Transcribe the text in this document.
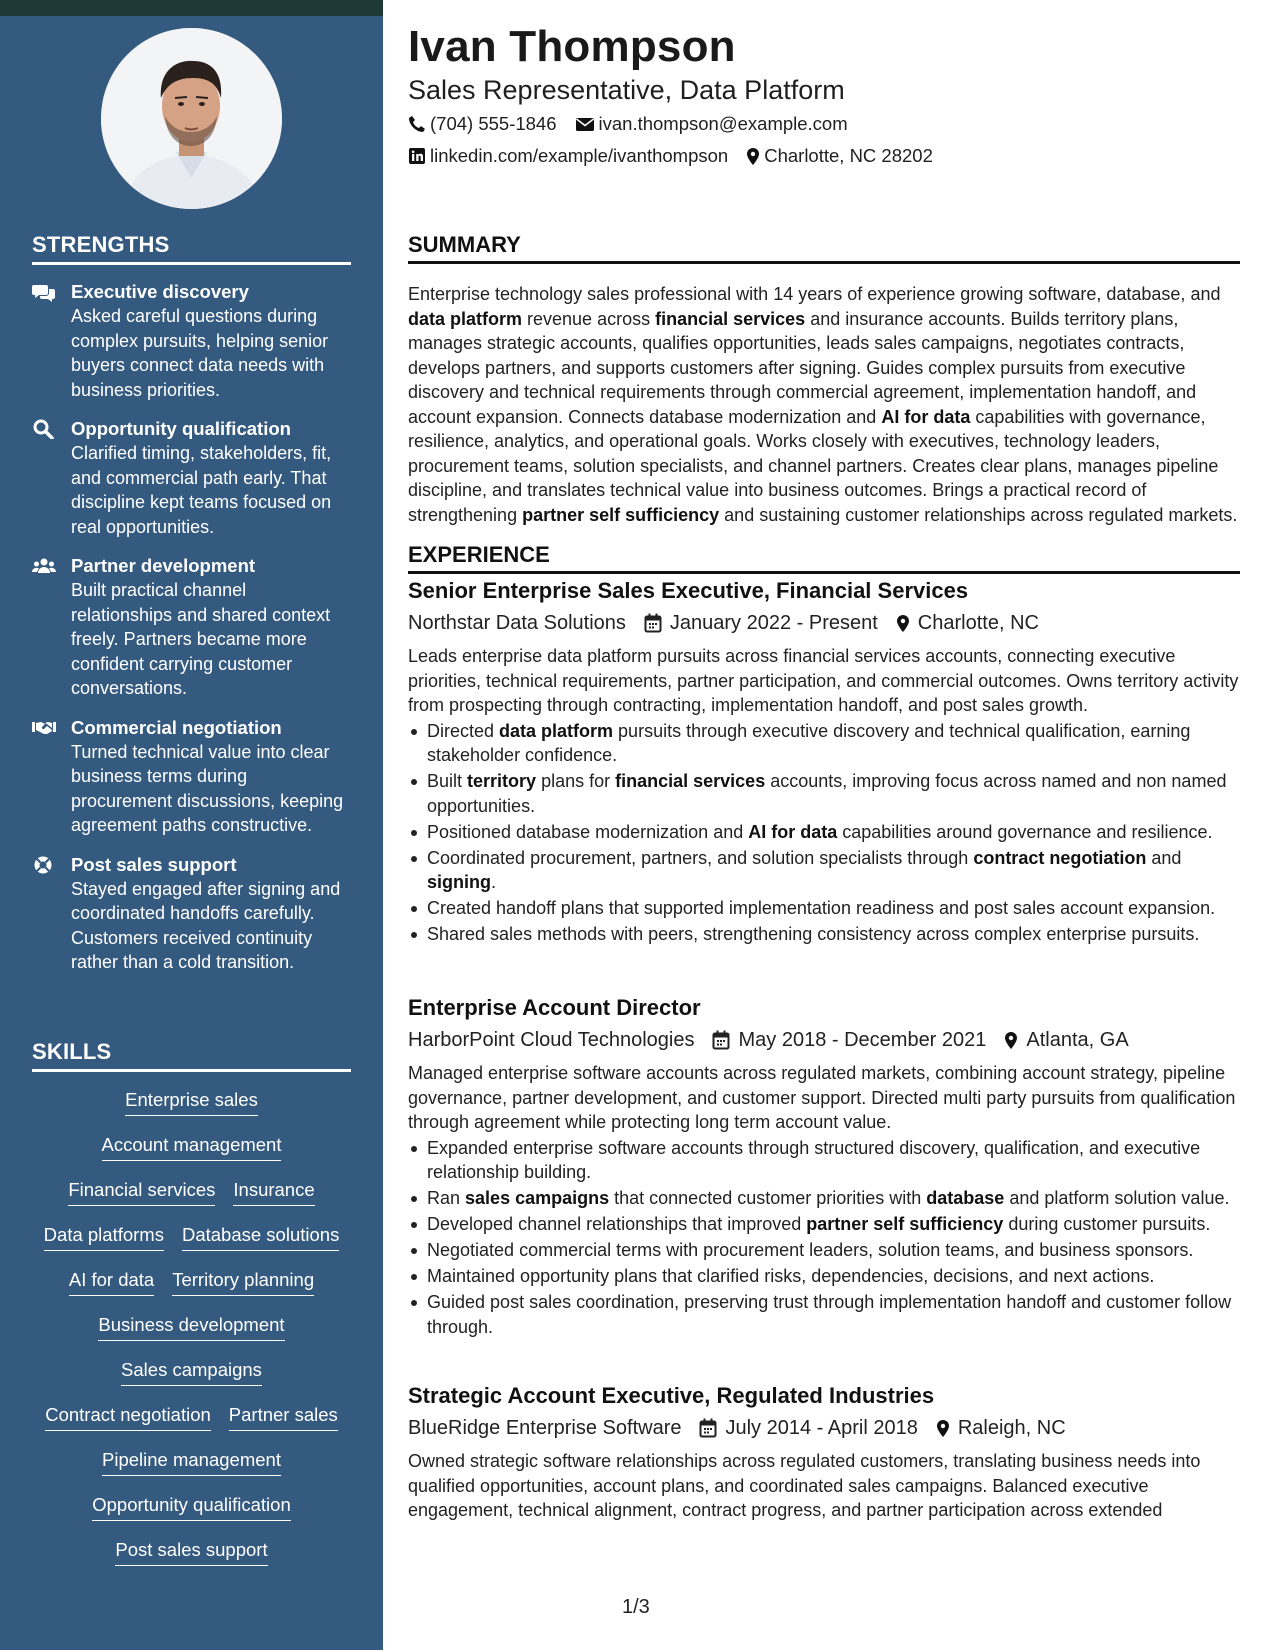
STRENGTHS
Executive discovery
Asked careful questions during complex pursuits, helping senior buyers connect data needs with business priorities.
Opportunity qualification
Clarified timing, stakeholders, fit, and commercial path early. That discipline kept teams focused on real opportunities.
Partner development
Built practical channel relationships and shared context freely. Partners became more confident carrying customer conversations.
Commercial negotiation
Turned technical value into clear business terms during procurement discussions, keeping agreement paths constructive.
Post sales support
Stayed engaged after signing and coordinated handoffs carefully. Customers received continuity rather than a cold transition.
SKILLS
Enterprise sales
Account management
Financial services Insurance
Data platforms Database solutions
AI for data Territory planning
Business development
Sales campaigns
Contract negotiation Partner sales
Pipeline management
Opportunity qualification
Post sales support
Ivan Thompson
Sales Representative, Data Platform
(704) 555-1846 ivan.thompson@example.com
linkedin.com/example/ivanthompson Charlotte, NC 28202
SUMMARY
Enterprise technology sales professional with 14 years of experience growing software, database, and data platform revenue across financial services and insurance accounts. Builds territory plans, manages strategic accounts, qualifies opportunities, leads sales campaigns, negotiates contracts, develops partners, and supports customers after signing. Guides complex pursuits from executive discovery and technical requirements through commercial agreement, implementation handoff, and account expansion. Connects database modernization and AI for data capabilities with governance, resilience, analytics, and operational goals. Works closely with executives, technology leaders, procurement teams, solution specialists, and channel partners. Creates clear plans, manages pipeline discipline, and translates technical value into business outcomes. Brings a practical record of strengthening partner self sufficiency and sustaining customer relationships across regulated markets.
EXPERIENCE
Senior Enterprise Sales Executive, Financial Services
Northstar Data Solutions January 2022 - Present Charlotte, NC
Leads enterprise data platform pursuits across financial services accounts, connecting executive priorities, technical requirements, partner participation, and commercial outcomes. Owns territory activity from prospecting through contracting, implementation handoff, and post sales growth.
Directed data platform pursuits through executive discovery and technical qualification, earning stakeholder confidence.
Built territory plans for financial services accounts, improving focus across named and non named opportunities.
Positioned database modernization and AI for data capabilities around governance and resilience.
Coordinated procurement, partners, and solution specialists through contract negotiation and signing.
Created handoff plans that supported implementation readiness and post sales account expansion.
Shared sales methods with peers, strengthening consistency across complex enterprise pursuits.
Enterprise Account Director
HarborPoint Cloud Technologies May 2018 - December 2021 Atlanta, GA
Managed enterprise software accounts across regulated markets, combining account strategy, pipeline governance, partner development, and customer support. Directed multi party pursuits from qualification through agreement while protecting long term account value.
Expanded enterprise software accounts through structured discovery, qualification, and executive relationship building.
Ran sales campaigns that connected customer priorities with database and platform solution value.
Developed channel relationships that improved partner self sufficiency during customer pursuits.
Negotiated commercial terms with procurement leaders, solution teams, and business sponsors.
Maintained opportunity plans that clarified risks, dependencies, decisions, and next actions.
Guided post sales coordination, preserving trust through implementation handoff and customer follow through.
Strategic Account Executive, Regulated Industries
BlueRidge Enterprise Software July 2014 - April 2018 Raleigh, NC
Owned strategic software relationships across regulated customers, translating business needs into qualified opportunities, account plans, and coordinated sales campaigns. Balanced executive engagement, technical alignment, contract progress, and partner participation across extended
1/3
